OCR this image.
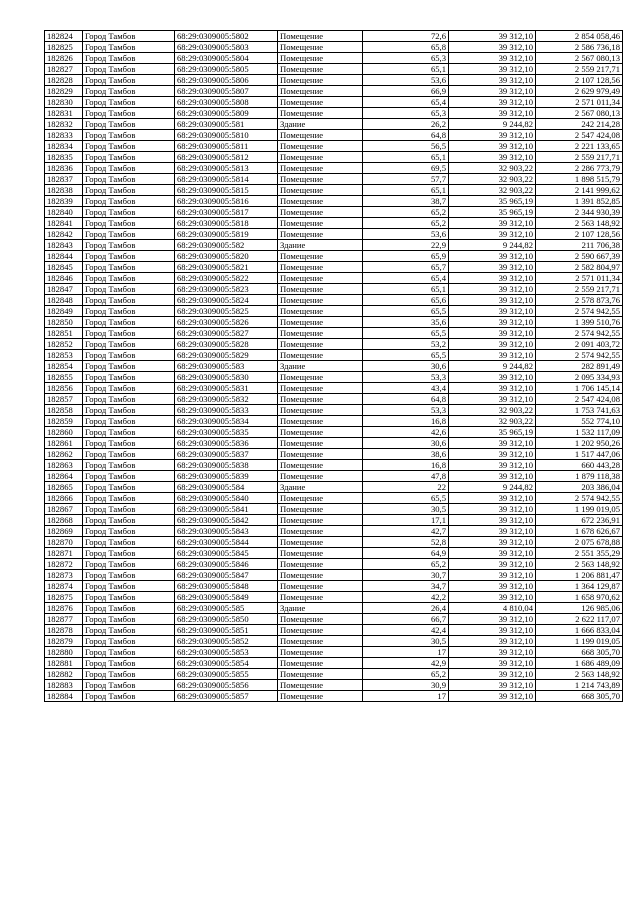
182824	Город Тамбов	68:29:0309005:5802	Помещение	72,6	39 312,10	2 854 058,46
182825	Город Тамбов	68:29:0309005:5803	Помещение	65,8	39 312,10	2 586 736,18
182826	Город Тамбов	68:29:0309005:5804	Помещение	65,3	39 312,10	2 567 080,13
182827	Город Тамбов	68:29:0309005:5805	Помещение	65,1	39 312,10	2 559 217,71
182828	Город Тамбов	68:29:0309005:5806	Помещение	53,6	39 312,10	2 107 128,56
182829	Город Тамбов	68:29:0309005:5807	Помещение	66,9	39 312,10	2 629 979,49
182830	Город Тамбов	68:29:0309005:5808	Помещение	65,4	39 312,10	2 571 011,34
182831	Город Тамбов	68:29:0309005:5809	Помещение	65,3	39 312,10	2 567 080,13
182832	Город Тамбов	68:29:0309005:581	Здание	26,2	9 244,82	242 214,28
182833	Город Тамбов	68:29:0309005:5810	Помещение	64,8	39 312,10	2 547 424,08
182834	Город Тамбов	68:29:0309005:5811	Помещение	56,5	39 312,10	2 221 133,65
182835	Город Тамбов	68:29:0309005:5812	Помещение	65,1	39 312,10	2 559 217,71
182836	Город Тамбов	68:29:0309005:5813	Помещение	69,5	32 903,22	2 286 773,79
182837	Город Тамбов	68:29:0309005:5814	Помещение	57,7	32 903,22	1 898 515,79
182838	Город Тамбов	68:29:0309005:5815	Помещение	65,1	32 903,22	2 141 999,62
182839	Город Тамбов	68:29:0309005:5816	Помещение	38,7	35 965,19	1 391 852,85
182840	Город Тамбов	68:29:0309005:5817	Помещение	65,2	35 965,19	2 344 930,39
182841	Город Тамбов	68:29:0309005:5818	Помещение	65,2	39 312,10	2 563 148,92
182842	Город Тамбов	68:29:0309005:5819	Помещение	53,6	39 312,10	2 107 128,56
182843	Город Тамбов	68:29:0309005:582	Здание	22,9	9 244,82	211 706,38
182844	Город Тамбов	68:29:0309005:5820	Помещение	65,9	39 312,10	2 590 667,39
182845	Город Тамбов	68:29:0309005:5821	Помещение	65,7	39 312,10	2 582 804,97
182846	Город Тамбов	68:29:0309005:5822	Помещение	65,4	39 312,10	2 571 011,34
182847	Город Тамбов	68:29:0309005:5823	Помещение	65,1	39 312,10	2 559 217,71
182848	Город Тамбов	68:29:0309005:5824	Помещение	65,6	39 312,10	2 578 873,76
182849	Город Тамбов	68:29:0309005:5825	Помещение	65,5	39 312,10	2 574 942,55
182850	Город Тамбов	68:29:0309005:5826	Помещение	35,6	39 312,10	1 399 510,76
182851	Город Тамбов	68:29:0309005:5827	Помещение	65,5	39 312,10	2 574 942,55
182852	Город Тамбов	68:29:0309005:5828	Помещение	53,2	39 312,10	2 091 403,72
182853	Город Тамбов	68:29:0309005:5829	Помещение	65,5	39 312,10	2 574 942,55
182854	Город Тамбов	68:29:0309005:583	Здание	30,6	9 244,82	282 891,49
182855	Город Тамбов	68:29:0309005:5830	Помещение	53,3	39 312,10	2 095 334,93
182856	Город Тамбов	68:29:0309005:5831	Помещение	43,4	39 312,10	1 706 145,14
182857	Город Тамбов	68:29:0309005:5832	Помещение	64,8	39 312,10	2 547 424,08
182858	Город Тамбов	68:29:0309005:5833	Помещение	53,3	32 903,22	1 753 741,63
182859	Город Тамбов	68:29:0309005:5834	Помещение	16,8	32 903,22	552 774,10
182860	Город Тамбов	68:29:0309005:5835	Помещение	42,6	35 965,19	1 532 117,09
182861	Город Тамбов	68:29:0309005:5836	Помещение	30,6	39 312,10	1 202 950,26
182862	Город Тамбов	68:29:0309005:5837	Помещение	38,6	39 312,10	1 517 447,06
182863	Город Тамбов	68:29:0309005:5838	Помещение	16,8	39 312,10	660 443,28
182864	Город Тамбов	68:29:0309005:5839	Помещение	47,8	39 312,10	1 879 118,38
182865	Город Тамбов	68:29:0309005:584	Здание	22	9 244,82	203 386,04
182866	Город Тамбов	68:29:0309005:5840	Помещение	65,5	39 312,10	2 574 942,55
182867	Город Тамбов	68:29:0309005:5841	Помещение	30,5	39 312,10	1 199 019,05
182868	Город Тамбов	68:29:0309005:5842	Помещение	17,1	39 312,10	672 236,91
182869	Город Тамбов	68:29:0309005:5843	Помещение	42,7	39 312,10	1 678 626,67
182870	Город Тамбов	68:29:0309005:5844	Помещение	52,8	39 312,10	2 075 678,88
182871	Город Тамбов	68:29:0309005:5845	Помещение	64,9	39 312,10	2 551 355,29
182872	Город Тамбов	68:29:0309005:5846	Помещение	65,2	39 312,10	2 563 148,92
182873	Город Тамбов	68:29:0309005:5847	Помещение	30,7	39 312,10	1 206 881,47
182874	Город Тамбов	68:29:0309005:5848	Помещение	34,7	39 312,10	1 364 129,87
182875	Город Тамбов	68:29:0309005:5849	Помещение	42,2	39 312,10	1 658 970,62
182876	Город Тамбов	68:29:0309005:585	Здание	26,4	4 810,04	126 985,06
182877	Город Тамбов	68:29:0309005:5850	Помещение	66,7	39 312,10	2 622 117,07
182878	Город Тамбов	68:29:0309005:5851	Помещение	42,4	39 312,10	1 666 833,04
182879	Город Тамбов	68:29:0309005:5852	Помещение	30,5	39 312,10	1 199 019,05
182880	Город Тамбов	68:29:0309005:5853	Помещение	17	39 312,10	668 305,70
182881	Город Тамбов	68:29:0309005:5854	Помещение	42,9	39 312,10	1 686 489,09
182882	Город Тамбов	68:29:0309005:5855	Помещение	65,2	39 312,10	2 563 148,92
182883	Город Тамбов	68:29:0309005:5856	Помещение	30,9	39 312,10	1 214 743,89
182884	Город Тамбов	68:29:0309005:5857	Помещение	17	39 312,10	668 305,70
